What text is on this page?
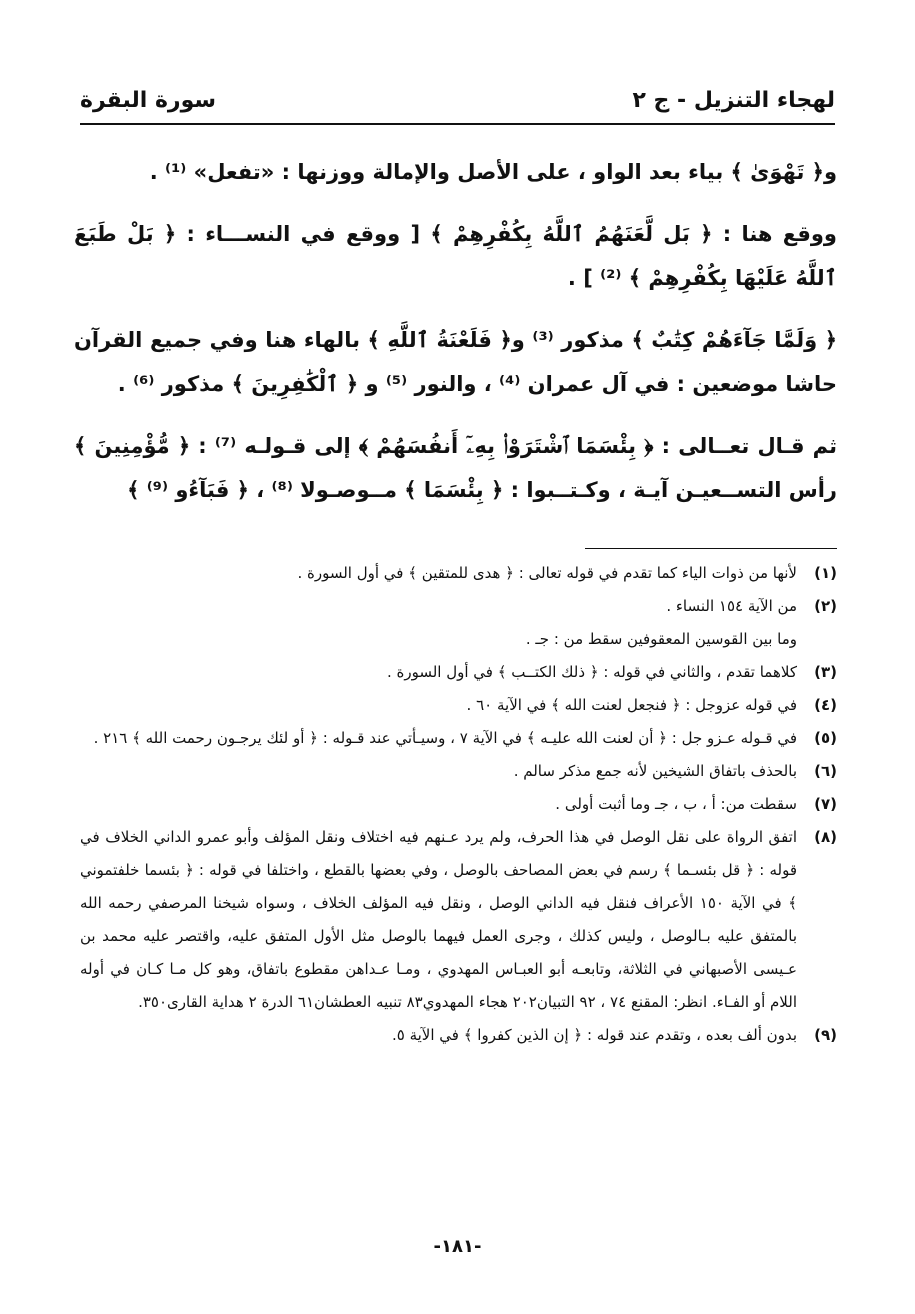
لهجاء التنزيل - ج ٢
سورة البقرة

و﴿ تَهْوَىٰ ﴾ بياء بعد الواو ، على الأصل والإمالة ووزنها : «تفعل» ⁽¹⁾ .

ووقع هنا : ﴿ بَل لَّعَنَهُمُ ٱللَّهُ بِكُفْرِهِمْ ﴾ [ ووقع في النســـاء : ﴿ بَلْ طَبَعَ ٱللَّهُ عَلَيْهَا بِكُفْرِهِمْ ﴾ ⁽²⁾ ] .

﴿ وَلَمَّا جَآءَهُمْ كِتَٰبٌ ﴾ مذكور ⁽³⁾ و﴿ فَلَعْنَةُ ٱللَّهِ ﴾ بالهاء هنا وفي جميع القرآن حاشا موضعين : في آل عمران ⁽⁴⁾ ، والنور ⁽⁵⁾ و ﴿ ٱلْكَٰفِرِينَ ﴾ مذكور ⁽⁶⁾ .

ثم قـال تعــالى : ﴿ بِئْسَمَا ٱشْتَرَوْا۟ بِهِۦٓ أَنفُسَهُمْ ﴾ إلى قـولـه ⁽⁷⁾ : ﴿ مُّؤْمِنِينَ ﴾ رأس التســعيـن آيـة ، وكـتــبوا : ﴿ بِئْسَمَا ﴾ مــوصـولا ⁽⁸⁾ ، ﴿ فَبَآءُو ⁽⁹⁾ ﴾

(١)
لأنها من ذوات الياء كما تقدم في قوله تعالى : ﴿ هدى للمتقين ﴾ في أول السورة .
(٢)
من الآية ١٥٤ النساء .
وما بين القوسين المعقوفين سقط من : جـ .
(٣)
كلاهما تقدم ، والثاني في قوله : ﴿ ذلك الكتــب ﴾ في أول السورة .
(٤)
في قوله عزوجل : ﴿ فنجعل لعنت الله ﴾ في الآية ٦٠ .
(٥)
في قـوله عـزو جل : ﴿ أن لعنت الله عليـه ﴾ في الآية ٧ ، وسيـأتي عند قـوله : ﴿ أو لئك يرجـون رحمت الله ﴾ ٢١٦ .
(٦)
بالحذف باتفاق الشيخين لأنه جمع مذكر سالم .
(٧)
سقطت من: أ ، ب ، جـ وما أثبت أولى .
(٨)
اتفق الرواة على نقل الوصل في هذا الحرف، ولم يرد عـنهم فيه اختلاف ونقل المؤلف وأبو عمرو الداني الخلاف في قوله : ﴿ قل بئسـما ﴾ رسم في بعض المصاحف بالوصل ، وفي بعضها بالقطع ، واختلفا في قوله : ﴿ بئسما خلفتموني ﴾ في الآية ١٥٠ الأعراف فنقل فيه الداني الوصل ، ونقل فيه المؤلف الخلاف ، وسواه شيخنا المرصفي رحمه الله بالمتفق عليه بـالوصل ، وليس كذلك ، وجرى العمل فيهما بالوصل مثل الأول المتفق عليه، واقتصر عليه محمد بن عـيسى الأصبهاني في الثلاثة، وتابعـه أبو العبـاس المهدوي ، ومـا عـداهن مقطوع باتفاق، وهو كل مـا كـان في أوله اللام أو الفـاء. انظر: المقنع ٧٤ ، ٩٢ التبيان٢٠٢ هجاء المهدوي٨٣ تنبيه العطشان٦١ الدرة ٢ هداية القارى٣٥٠.
(٩)
بدون ألف بعده ، وتقدم عند قوله : ﴿ إن الذين كفروا ﴾ في الآية ٥.
-١٨١-
